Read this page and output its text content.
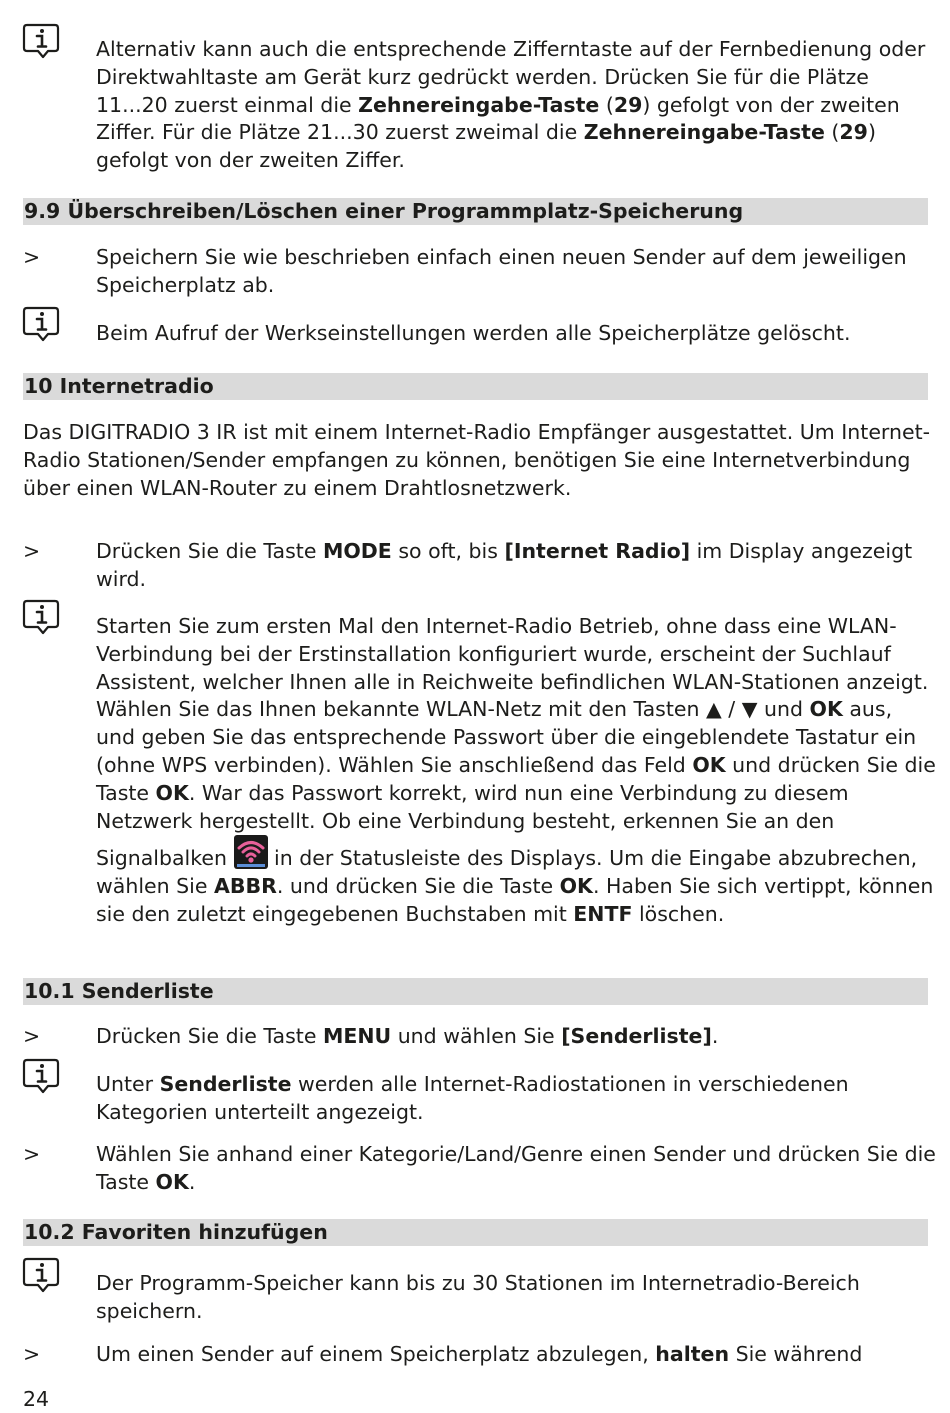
Alternativ kann auch die entsprechende Zifferntaste auf der Fernbedienung oder Direktwahltaste am Gerät kurz gedrückt werden. Drücken Sie für die Plätze 11...20 zuerst einmal die Zehnereingabe-Taste (29) gefolgt von der zweiten Ziffer. Für die Plätze 21...30 zuerst zweimal die Zehnereingabe-Taste (29) gefolgt von der zweiten Ziffer.

9.9 Überschreiben/Löschen einer Programmplatz-Speicherung
>	Speichern Sie wie beschrieben einfach einen neuen Sender auf dem jeweiligen Speicherplatz ab.

Beim Aufruf der Werkseinstellungen werden alle Speicherplätze gelöscht.

10 Internetradio

Das DIGITRADIO 3 IR ist mit einem Internet-Radio Empfänger ausgestattet. Um Internet-Radio Stationen/Sender empfangen zu können, benötigen Sie eine Internetverbindung über einen WLAN-Router zu einem Drahtlosnetzwerk.

>	Drücken Sie die Taste MODE so oft, bis [Internet Radio] im Display angezeigt wird.

Starten Sie zum ersten Mal den Internet-Radio Betrieb, ohne dass eine WLAN-Verbindung bei der Erstinstallation konfiguriert wurde, erscheint der Suchlauf Assistent, welcher Ihnen alle in Reichweite befindlichen WLAN-Stationen anzeigt. Wählen Sie das Ihnen bekannte WLAN-Netz mit den Tasten ▲ / ▼ und OK aus, und geben Sie das entsprechende Passwort über die eingeblendete Tastatur ein (ohne WPS verbinden). Wählen Sie anschließend das Feld OK und drücken Sie die Taste OK. War das Passwort korrekt, wird nun eine Verbindung zu diesem Netzwerk hergestellt. Ob eine Verbindung besteht, erkennen Sie an den Signalbalken
in der Statusleiste des Displays. Um die Eingabe abzubrechen, wählen Sie ABBR. und drücken Sie die Taste OK. Haben Sie sich vertippt, können sie den zuletzt eingegebenen Buchstaben mit ENTF löschen.

10.1 Senderliste
>	Drücken Sie die Taste MENU und wählen Sie [Senderliste].

Unter Senderliste werden alle Internet-Radiostationen in verschiedenen Kategorien unterteilt angezeigt.

>	Wählen Sie anhand einer Kategorie/Land/Genre einen Sender und drücken Sie die Taste OK.

10.2 Favoriten hinzufügen

Der Programm-Speicher kann bis zu 30 Stationen im Internetradio-Bereich speichern.

>	Um einen Sender auf einem Speicherplatz abzulegen, halten Sie während

24
